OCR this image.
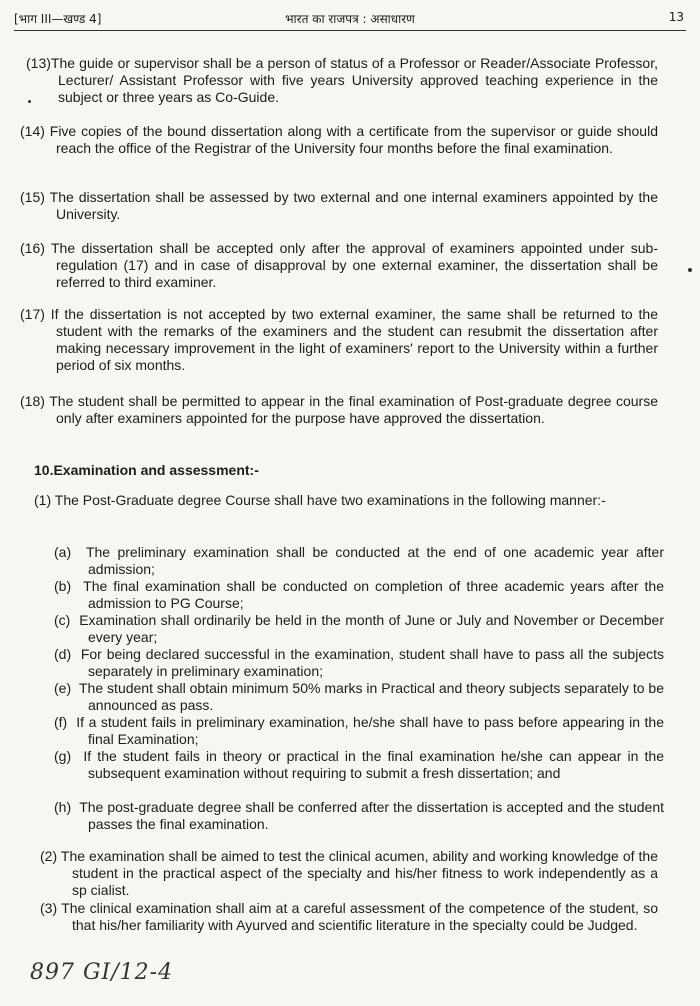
[भाग III—खण्ड 4]	भारत का राजपत्र : असाधारण	13
(13)The guide or supervisor shall be a person of status of a Professor or Reader/Associate Professor, Lecturer/ Assistant Professor with five years University approved teaching experience in the subject or three years as Co-Guide.
(14) Five copies of the bound dissertation along with a certificate from the supervisor or guide should reach the office of the Registrar of the University four months before the final examination.
(15) The dissertation shall be assessed by two external and one internal examiners appointed by the University.
(16) The dissertation shall be accepted only after the approval of examiners appointed under sub-regulation (17) and in case of disapproval by one external examiner, the dissertation shall be referred to third examiner.
(17) If the dissertation is not accepted by two external examiner, the same shall be returned to the student with the remarks of the examiners and the student can resubmit the dissertation after making necessary improvement in the light of examiners' report to the University within a further period of six months.
(18) The student shall be permitted to appear in the final examination of Post-graduate degree course only after examiners appointed for the purpose have approved the dissertation.
10.Examination and assessment:-
(1) The Post-Graduate degree Course shall have two examinations in the following manner:-
(a) The preliminary examination shall be conducted at the end of one academic year after admission;
(b) The final examination shall be conducted on completion of three academic years after the admission to PG Course;
(c) Examination shall ordinarily be held in the month of June or July and November or December every year;
(d) For being declared successful in the examination, student shall have to pass all the subjects separately in preliminary examination;
(e) The student shall obtain minimum 50% marks in Practical and theory subjects separately to be announced as pass.
(f) If a student fails in preliminary examination, he/she shall have to pass before appearing in the final Examination;
(g) If the student fails in theory or practical in the final examination he/she can appear in the subsequent examination without requiring to submit a fresh dissertation; and
(h) The post-graduate degree shall be conferred after the dissertation is accepted and the student passes the final examination.
(2) The examination shall be aimed to test the clinical acumen, ability and working knowledge of the student in the practical aspect of the specialty and his/her fitness to work independently as a sp cialist.
(3) The clinical examination shall aim at a careful assessment of the competence of the student, so that his/her familiarity with Ayurved and scientific literature in the specialty could be Judged.
897 GI/12-4
